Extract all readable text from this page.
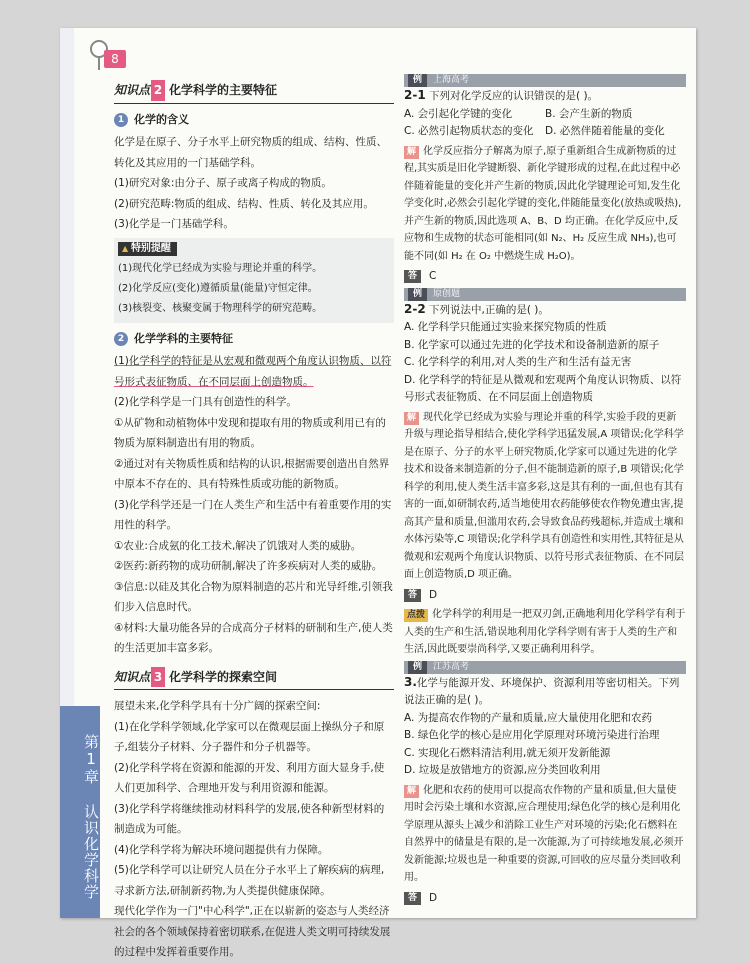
8
第1章 认识化学科学
知识点 2 化学科学的主要特征
1 化学的含义

化学是在原子、分子水平上研究物质的组成、结构、性质、转化及其应用的一门基础学科。

(1)研究对象:由分子、原子或离子构成的物质。

(2)研究范畴:物质的组成、结构、性质、转化及其应用。

(3)化学是一门基础学科。

▲ 特别提醒

(1)现代化学已经成为实验与理论并重的科学。

(2)化学反应(变化)遵循质量(能量)守恒定律。

(3)核裂变、核聚变属于物理科学的研究范畴。

2 化学学科的主要特征

(1)化学科学的特征是从宏观和微观两个角度认识物质、以符号形式表征物质、在不同层面上创造物质。

(2)化学科学是一门具有创造性的科学。

①从矿物和动植物体中发现和提取有用的物质或利用已有的物质为原料制造出有用的物质。

②通过对有关物质性质和结构的认识,根据需要创造出自然界中原本不存在的、具有特殊性质或功能的新物质。

(3)化学科学还是一门在人类生产和生活中有着重要作用的实用性的科学。

①农业:合成氨的化工技术,解决了饥饿对人类的威胁。

②医药:新药物的成功研制,解决了许多疾病对人类的威胁。

③信息:以硅及其化合物为原料制造的芯片和光导纤维,引领我们步入信息时代。

④材料:大量功能各异的合成高分子材料的研制和生产,使人类的生活更加丰富多彩。

知识点 3 化学科学的探索空间

展望未来,化学科学具有十分广阔的探索空间:

(1)在化学科学领域,化学家可以在微观层面上操纵分子和原子,组装分子材料、分子器件和分子机器等。

(2)化学科学将在资源和能源的开发、利用方面大显身手,使人们更加科学、合理地开发与利用资源和能源。

(3)化学科学将继续推动材料科学的发展,使各种新型材料的制造成为可能。

(4)化学科学将为解决环境问题提供有力保障。

(5)化学科学可以让研究人员在分子水平上了解疾病的病理,寻求新方法,研制新药物,为人类提供健康保障。

现代化学作为一门"中心科学",正在以崭新的姿态与人类经济社会的各个领域保持着密切联系,在促进人类文明可持续发展的过程中发挥着重要作用。

例	上海高考

2-1 下列对化学反应的认识错误的是( )。

A. 会引起化学键的变化	B. 会产生新的物质
C. 必然引起物质状态的变化	D. 必然伴随着能量的变化
解 化学反应指分子解离为原子,原子重新组合生成新物质的过程,其实质是旧化学键断裂、新化学键形成的过程,在此过程中必伴随着能量的变化并产生新的物质,因此化学键理论可知,发生化学变化时,必然会引起化学键的变化,伴随能量变化(放热或吸热),并产生新的物质,因此选项 A、B、D 均正确。在化学反应中,反应物和生成物的状态可能相同(如 N₂、H₂ 反应生成 NH₃),也可能不同(如 H₂ 在 O₂ 中燃烧生成 H₂O)。
答	C
例	原创题

2-2 下列说法中,正确的是( )。

A. 化学科学只能通过实验来探究物质的性质

B. 化学家可以通过先进的化学技术和设备制造新的原子

C. 化学科学的利用,对人类的生产和生活有益无害

D. 化学科学的特征是从微观和宏观两个角度认识物质、以符号形式表征物质、在不同层面上创造物质

解 现代化学已经成为实验与理论并重的科学,实验手段的更新升级与理论指导相结合,使化学科学迅猛发展,A 项错误;化学科学是在原子、分子的水平上研究物质,化学家可以通过先进的化学技术和设备来制造新的分子,但不能制造新的原子,B 项错误;化学科学的利用,使人类生活丰富多彩,这是其有利的一面,但也有其有害的一面,如研制农药,适当地使用农药能够使农作物免遭虫害,提高其产量和质量,但滥用农药,会导致食品药残超标,并造成土壤和水体污染等,C 项错误;化学科学具有创造性和实用性,其特征是从微观和宏观两个角度认识物质、以符号形式表征物质、在不同层面上创造物质,D 项正确。
答	D
点拨 化学科学的利用是一把双刃剑,正确地利用化学科学有利于人类的生产和生活,错误地利用化学科学则有害于人类的生产和生活,因此既要崇尚科学,又要正确利用科学。
例	江苏高考

3.化学与能源开发、环境保护、资源利用等密切相关。下列说法正确的是( )。

A. 为提高农作物的产量和质量,应大量使用化肥和农药

B. 绿色化学的核心是应用化学原理对环境污染进行治理

C. 实现化石燃料清洁利用,就无须开发新能源

D. 垃圾是放错地方的资源,应分类回收利用

解 化肥和农药的使用可以提高农作物的产量和质量,但大量使用时会污染土壤和水资源,应合理使用;绿色化学的核心是利用化学原理从源头上减少和消除工业生产对环境的污染;化石燃料在自然界中的储量是有限的,是一次能源,为了可持续地发展,必须开发新能源;垃圾也是一种重要的资源,可回收的应尽量分类回收利用。
答	D
